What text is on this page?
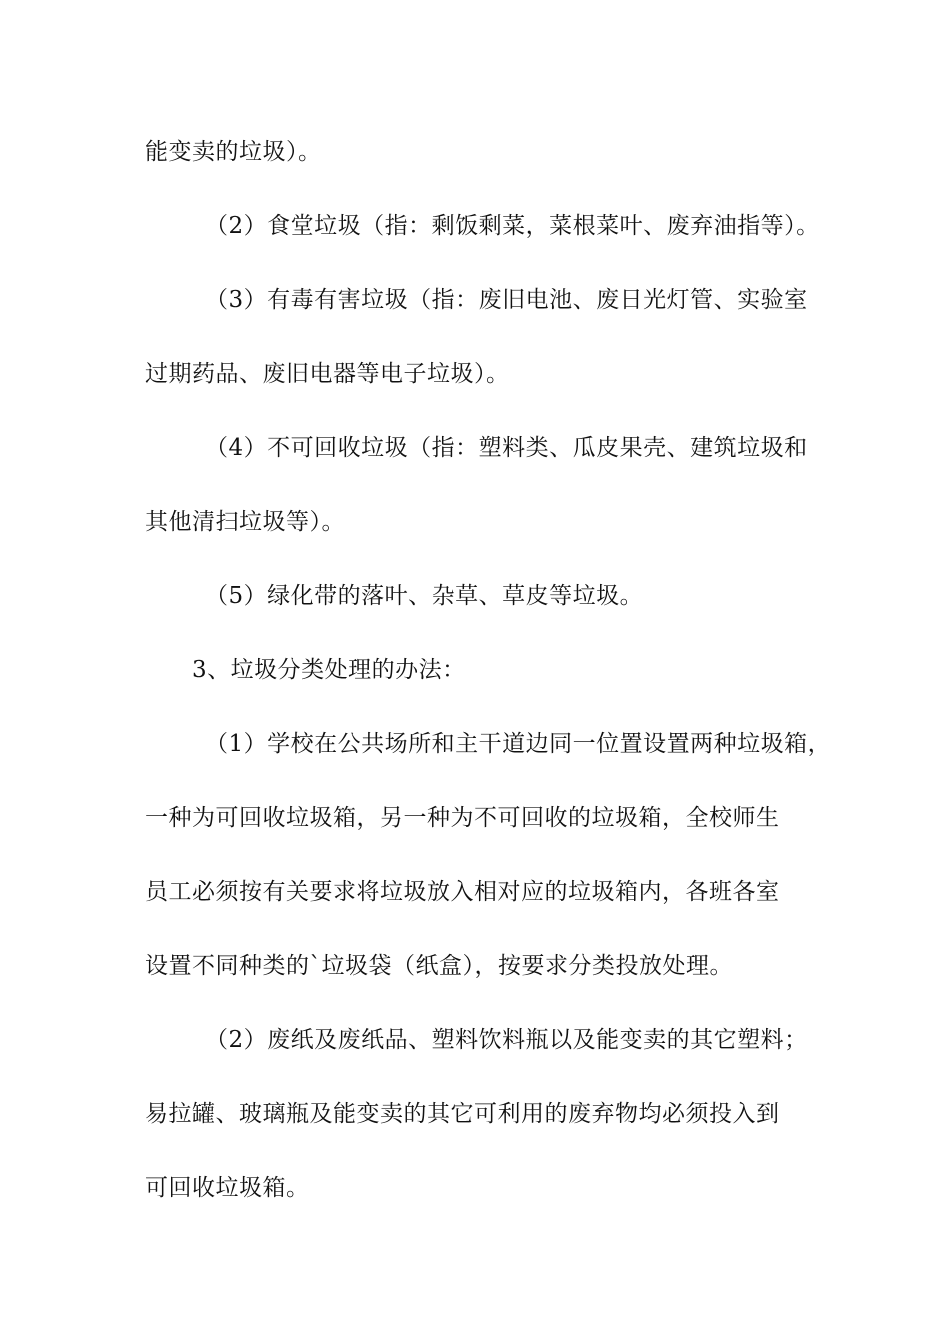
能变卖的垃圾）。
（2）食堂垃圾（指：剩饭剩菜，菜根菜叶、废弃油指等）。
（3）有毒有害垃圾（指：废旧电池、废日光灯管、实验室
过期药品、废旧电器等电子垃圾）。
（4）不可回收垃圾（指：塑料类、瓜皮果壳、建筑垃圾和
其他清扫垃圾等）。
（5）绿化带的落叶、杂草、草皮等垃圾。
3、垃圾分类处理的办法：
（1）学校在公共场所和主干道边同一位置设置两种垃圾箱，
一种为可回收垃圾箱，另一种为不可回收的垃圾箱，全校师生
员工必须按有关要求将垃圾放入相对应的垃圾箱内，各班各室
设置不同种类的`垃圾袋（纸盒），按要求分类投放处理。
（2）废纸及废纸品、塑料饮料瓶以及能变卖的其它塑料；
易拉罐、玻璃瓶及能变卖的其它可利用的废弃物均必须投入到
可回收垃圾箱。
